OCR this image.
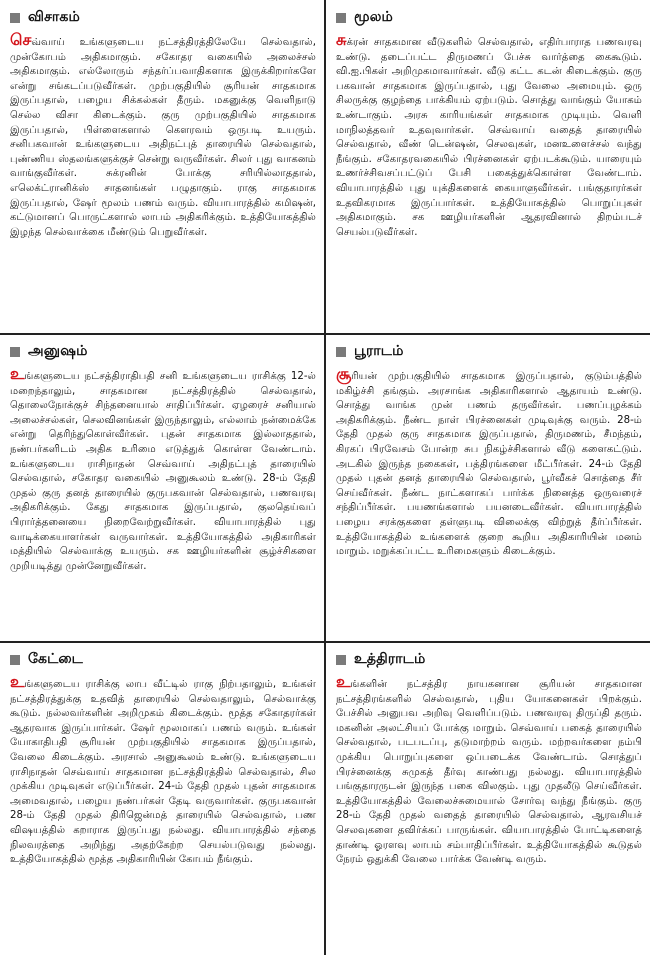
விசாகம்
செவ்வாய் உங்களுடைய நட்சத்திரத்திலேயே செல்வதால், முன்கோபம் அதிகமாகும். சகோதர வகையில் அலைச்சல் அதிகமாகும். எல்லோரும் சந்தர்ப்பவாதிகளாக இருக்கிறார்களே என்று சங்கடப்படுவீர்கள். முற்பகுதியில் சூரியன் சாதகமாக இருப்பதால், பழைய சிக்கல்கள் தீரும். மகனுக்கு வெளிநாடு செல்ல விசா கிடைக்கும். குரு முற்பகுதியில் சாதகமாக இருப்பதால், பிள்ளைகளால் கௌரவம் ஒருபடி உயரும். சனிபகவான் உங்களுடைய அதிநட்புத் தாரையில் செல்வதால், புண்ணிய ஸ்தலங்களுக்குச் சென்று வருவீர்கள். சிலர் புது வாகனம் வாங்குவீர்கள். சுக்ரனின் போக்கு சரியில்லாததால், எலெக்ட்ரானிக்ஸ் சாதனங்கள் பழுதாகும். ராகு சாதகமாக இருப்பதால், ஷேர் மூலம் பணம் வரும். வியாபாரத்தில் கமிஷன், கட்டுமானப் பொருட்களால் லாபம் அதிகரிக்கும். உத்தியோகத்தில் இழந்த செல்வாக்கை மீண்டும் பெறுவீர்கள்.
மூலம்
சுக்ரன் சாதகமான வீடுகளில் செல்வதால், எதிர்பாராத பணவரவு உண்டு. தடைப்பட்ட திருமணப் பேச்சு வார்த்தை கைகூடும். வி.ஐ.பிகள் அறிமுகமாவார்கள். வீடு கட்ட கடன் கிடைக்கும். குரு பகவான் சாதகமாக இருப்பதால், புது வேலை அமையும். ஒரு சிலருக்கு குழந்தை பாக்கியம் ஏற்படும். சொத்து வாங்கும் யோகம் உண்டாகும். அரசு காரியங்கள் சாதகமாக முடியும். வெளி மாநிலத்தவர் உதவுவார்கள். செவ்வாய் வதைத் தாரையில் செல்வதால், வீண் டென்ஷன், செலவுகள், மனஉளைச்சல் வந்து நீங்கும். சகோதரவகையில் பிரச்னைகள் ஏற்படக்கூடும். யாரையும் உணர்ச்சிவசப்பட்டுப் பேசி பகைத்துக்கொள்ள வேண்டாம். வியாபாரத்தில் புது யுக்திகளைக் கையாளுவீர்கள். பங்குதாரர்கள் உதவிகரமாக இருப்பார்கள். உத்தியோகத்தில் பொறுப்புகள் அதிகமாகும். சக ஊழியர்களின் ஆதரவினால் திறம்படச் செயல்படுவீர்கள்.
அனுஷம்
உங்களுடைய நட்சத்திராதிபதி சனி உங்களுடைய ராசிக்கு 12-ல் மறைந்தாலும், சாதகமான நட்சத்திரத்தில் செல்வதால், தொலைநோக்குச் சிந்தனையால் சாதிப்பீர்கள். ஏழரைச் சனியால் அலைச்சல்கள், செலவினங்கள் இருந்தாலும், எல்லாம் நன்மைக்கே என்று தெரிந்துகொள்வீர்கள். புதன் சாதகமாக இல்லாததால், நண்பர்களிடம் அதிக உரிமை எடுத்துக் கொள்ள வேண்டாம். உங்களுடைய ராசிநாதன் செவ்வாய் அதிநட்புத் தாரையில் செல்வதால், சகோதர வகையில் அனுகூலம் உண்டு. 28-ம் தேதி முதல் குரு தனத் தாரையில் குருபகவான் செல்வதால், பணவரவு அதிகரிக்கும். கேது சாதகமாக இருப்பதால், குலதெய்வப் பிரார்த்தனையை நிறைவேற்றுவீர்கள். வியாபாரத்தில் புது வாடிக்கையாளர்கள் வருவார்கள். உத்தியோகத்தில் அதிகாரிகள் மத்தியில் செல்வாக்கு உயரும். சக ஊழியர்களின் சூழ்ச்சிகளை முறியடித்து முன்னேறுவீர்கள்.
பூராடம்
சூரியன் முற்பகுதியில் சாதகமாக இருப்பதால், குடும்பத்தில் மகிழ்ச்சி தங்கும். அரசாங்க அதிகாரிகளால் ஆதாயம் உண்டு. சொத்து வாங்க முன் பணம் தருவீர்கள். பணப்புழக்கம் அதிகரிக்கும். நீண்ட நாள் பிரச்னைகள் முடிவுக்கு வரும். 28-ம் தேதி முதல் குரு சாதகமாக இருப்பதால், திருமணம், சீமந்தம், கிரகப் பிரவேசம் போன்ற சுப நிகழ்ச்சிகளால் வீடு களைகட்டும். அடகில் இருந்த நகைகள், பத்திரங்களை மீட்பீர்கள். 24-ம் தேதி முதல் புதன் தனத் தாரையில் செல்வதால், பூர்வீகச் சொத்தை சீர் செய்வீர்கள். நீண்ட நாட்களாகப் பார்க்க நினைத்த ஒருவரைச் சந்திப்பீர்கள். பயணங்களால் பயனடைவீர்கள். வியாபாரத்தில் பழைய சரக்குகளை தள்ளுபடி விலைக்கு விற்றுத் தீர்ப்பீர்கள். உத்தியோகத்தில் உங்களைக் குறை கூறிய அதிகாரியின் மனம் மாறும். மறுக்கப்பட்ட உரிமைகளும் கிடைக்கும்.
கேட்டை
உங்களுடைய ராசிக்கு லாப வீட்டில் ராகு நிற்பதாலும், உங்கள் நட்சத்திரத்துக்கு உதவித் தாரையில் செல்வதாலும், செல்வாக்கு கூடும். நல்லவர்களின் அறிமுகம் கிடைக்கும். மூத்த சகோதரர்கள் ஆதரவாக இருப்பார்கள். ஷேர் மூலமாகப் பணம் வரும். உங்கள் யோகாதிபதி சூரியன் முற்பகுதியில் சாதகமாக இருப்பதால், வேலை கிடைக்கும். அரசால் அனுகூலம் உண்டு. உங்களுடைய ராசிநாதன் செவ்வாய் சாதகமான நட்சத்திரத்தில் செல்வதால், சில முக்கிய முடிவுகள் எடுப்பீர்கள். 24-ம் தேதி முதல் புதன் சாதகமாக அமைவதால், பழைய நண்பர்கள் தேடி வருவார்கள். குருபகவான் 28-ம் தேதி முதல் திரிஜென்மத் தாரையில் செல்வதால், பண விஷயத்தில் கறாராக இருப்பது நல்லது. வியாபாரத்தில் சந்தை நிலவரத்தை அறிந்து அதற்கேற்ற செயல்படுவது நல்லது. உத்தியோகத்தில் மூத்த அதிகாரியின் கோபம் நீங்கும்.
உத்திராடம்
உங்களின் நட்சத்திர நாயகனான சூரியன் சாதகமான நட்சத்திரங்களில் செல்வதால், புதிய யோகனைகள் பிறக்கும். பேச்சில் அனுபவ அறிவு வெளிப்படும். பணவரவு திருப்தி தரும். மகனின் அலட்சியப் போக்கு மாறும். செவ்வாய் பகைத் தாரையில் செல்வதால், படபடப்பு, தடுமாற்றம் வரும். மற்றவர்களை நம்பி முக்கிய பொறுப்புகளை ஒப்படைக்க வேண்டாம். சொத்துப் பிரச்னைக்கு சுமுகத் தீர்வு காண்பது நல்லது. வியாபாரத்தில் பங்குதாரருடன் இருந்த பகை விலகும். புது முதலீடு செய்வீர்கள். உத்தியோகத்தில் வேலைச்சுமையால் சோர்வு வந்து நீங்கும். குரு 28-ம் தேதி முதல் வதைத் தாரையில் செல்வதால், ஆரவசியச் செலவுகளை தவிர்க்கப் பாருங்கள். வியாபாரத்தில் போட்டிகளைத் தாண்டி ஓரளவு லாபம் சம்பாதிப்பீர்கள். உத்தியோகத்தில் கூடுதல் நேரம் ஒதுக்கி வேலை பார்க்க வேண்டி வரும்.
